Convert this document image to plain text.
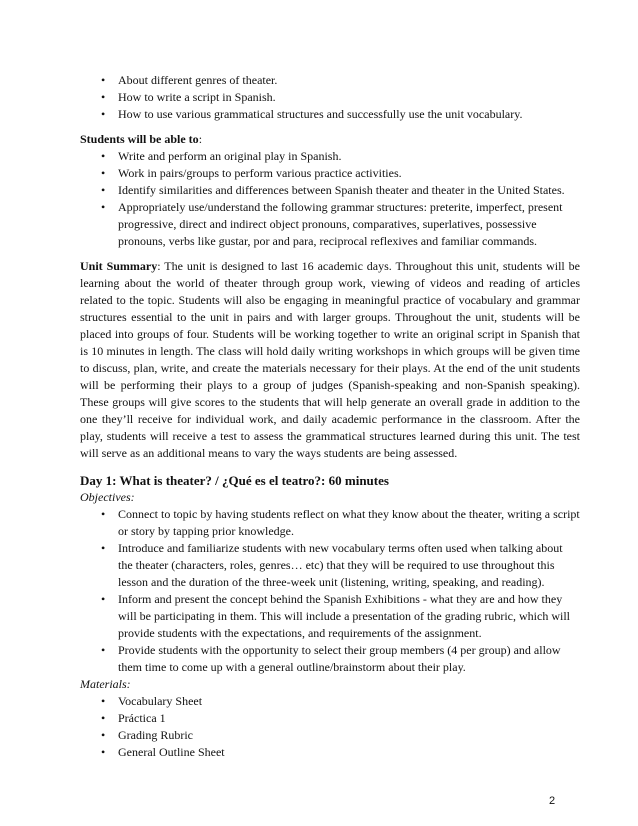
• About different genres of theater.
• How to write a script in Spanish.
• How to use various grammatical structures and successfully use the unit vocabulary.
Students will be able to:
• Write and perform an original play in Spanish.
• Work in pairs/groups to perform various practice activities.
• Identify similarities and differences between Spanish theater and theater in the United States.
• Appropriately use/understand the following grammar structures: preterite, imperfect, present progressive, direct and indirect object pronouns, comparatives, superlatives, possessive pronouns, verbs like gustar, por and para, reciprocal reflexives and familiar commands.
Unit Summary: The unit is designed to last 16 academic days. Throughout this unit, students will be learning about the world of theater through group work, viewing of videos and reading of articles related to the topic. Students will also be engaging in meaningful practice of vocabulary and grammar structures essential to the unit in pairs and with larger groups. Throughout the unit, students will be placed into groups of four. Students will be working together to write an original script in Spanish that is 10 minutes in length. The class will hold daily writing workshops in which groups will be given time to discuss, plan, write, and create the materials necessary for their plays. At the end of the unit students will be performing their plays to a group of judges (Spanish-speaking and non-Spanish speaking). These groups will give scores to the students that will help generate an overall grade in addition to the one they’ll receive for individual work, and daily academic performance in the classroom. After the play, students will receive a test to assess the grammatical structures learned during this unit. The test will serve as an additional means to vary the ways students are being assessed.
Day 1: What is theater? / ¿Qué es el teatro?: 60 minutes
Objectives:
• Connect to topic by having students reflect on what they know about the theater, writing a script or story by tapping prior knowledge.
• Introduce and familiarize students with new vocabulary terms often used when talking about the theater (characters, roles, genres… etc) that they will be required to use throughout this lesson and the duration of the three-week unit (listening, writing, speaking, and reading).
• Inform and present the concept behind the Spanish Exhibitions - what they are and how they will be participating in them. This will include a presentation of the grading rubric, which will provide students with the expectations, and requirements of the assignment.
• Provide students with the opportunity to select their group members (4 per group) and allow them time to come up with a general outline/brainstorm about their play.
Materials:
• Vocabulary Sheet
• Práctica 1
• Grading Rubric
• General Outline Sheet
2
